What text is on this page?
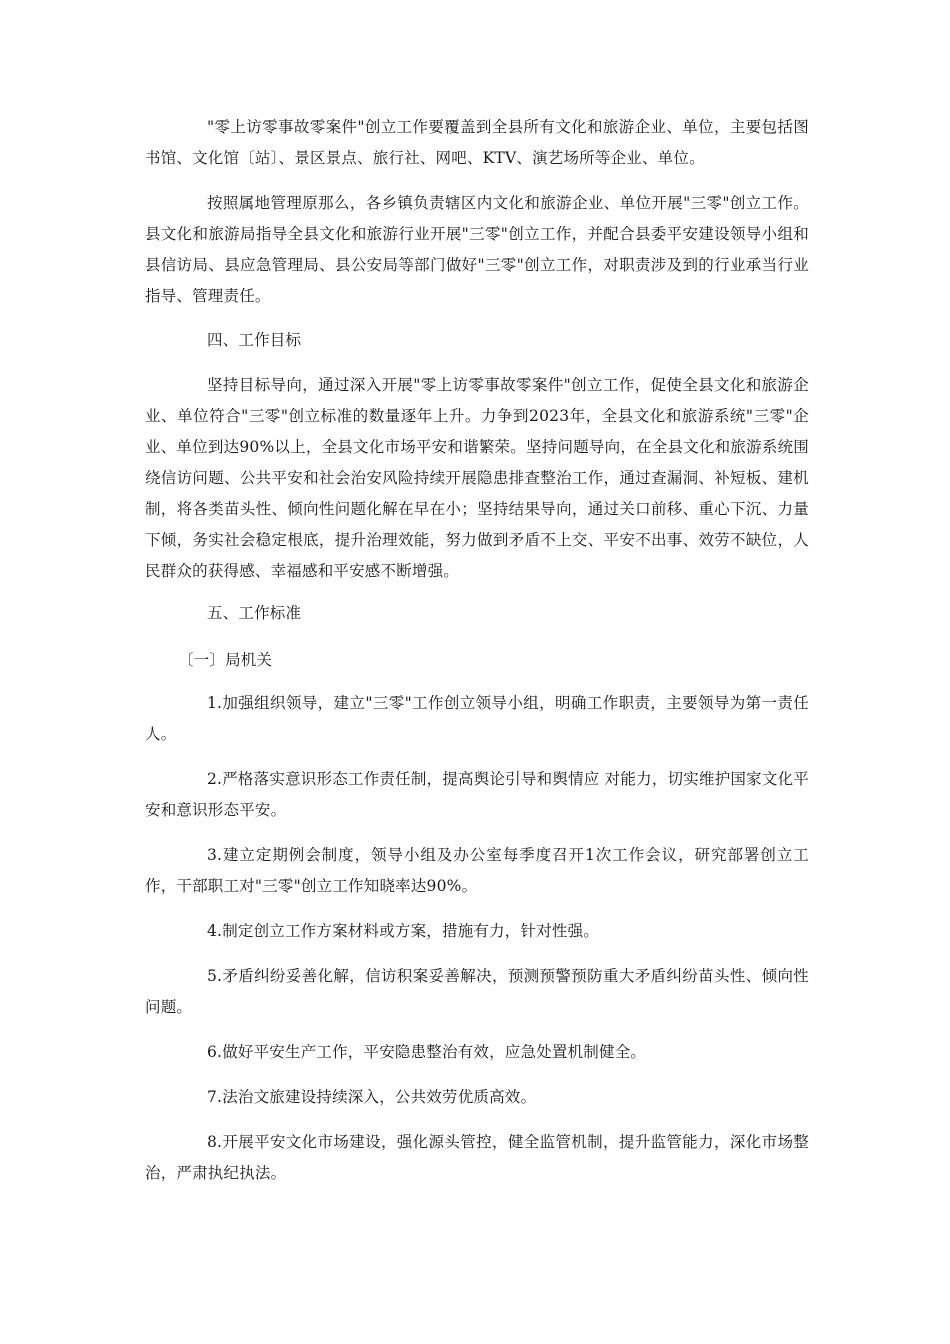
"零上访零事故零案件"创立工作要覆盖到全县所有文化和旅游企业、单位，主要包括图书馆、文化馆〔站〕、景区景点、旅行社、网吧、KTV、演艺场所等企业、单位。

按照属地管理原那么，各乡镇负责辖区内文化和旅游企业、单位开展"三零"创立工作。县文化和旅游局指导全县文化和旅游行业开展"三零"创立工作，并配合县委平安建设领导小组和县信访局、县应急管理局、县公安局等部门做好"三零"创立工作，对职责涉及到的行业承当行业指导、管理责任。

四、工作目标

坚持目标导向，通过深入开展"零上访零事故零案件"创立工作，促使全县文化和旅游企业、单位符合"三零"创立标准的数量逐年上升。力争到2023年，全县文化和旅游系统"三零"企业、单位到达90%以上，全县文化市场平安和谐繁荣。坚持问题导向，在全县文化和旅游系统围绕信访问题、公共平安和社会治安风险持续开展隐患排查整治工作，通过查漏洞、补短板、建机制，将各类苗头性、倾向性问题化解在早在小；坚持结果导向，通过关口前移、重心下沉、力量下倾，务实社会稳定根底，提升治理效能，努力做到矛盾不上交、平安不出事、效劳不缺位，人民群众的获得感、幸福感和平安感不断增强。

五、工作标准

〔一〕局机关

1.加强组织领导，建立"三零"工作创立领导小组，明确工作职责，主要领导为第一责任人。

2.严格落实意识形态工作责任制，提高舆论引导和舆情应 对能力，切实维护国家文化平安和意识形态平安。

3.建立定期例会制度，领导小组及办公室每季度召开1次工作会议，研究部署创立工作，干部职工对"三零"创立工作知晓率达90%。

4.制定创立工作方案材料或方案，措施有力，针对性强。

5.矛盾纠纷妥善化解，信访积案妥善解决，预测预警预防重大矛盾纠纷苗头性、倾向性问题。

6.做好平安生产工作，平安隐患整治有效，应急处置机制健全。

7.法治文旅建设持续深入，公共效劳优质高效。

8.开展平安文化市场建设，强化源头管控，健全监管机制，提升监管能力，深化市场整治，严肃执纪执法。
